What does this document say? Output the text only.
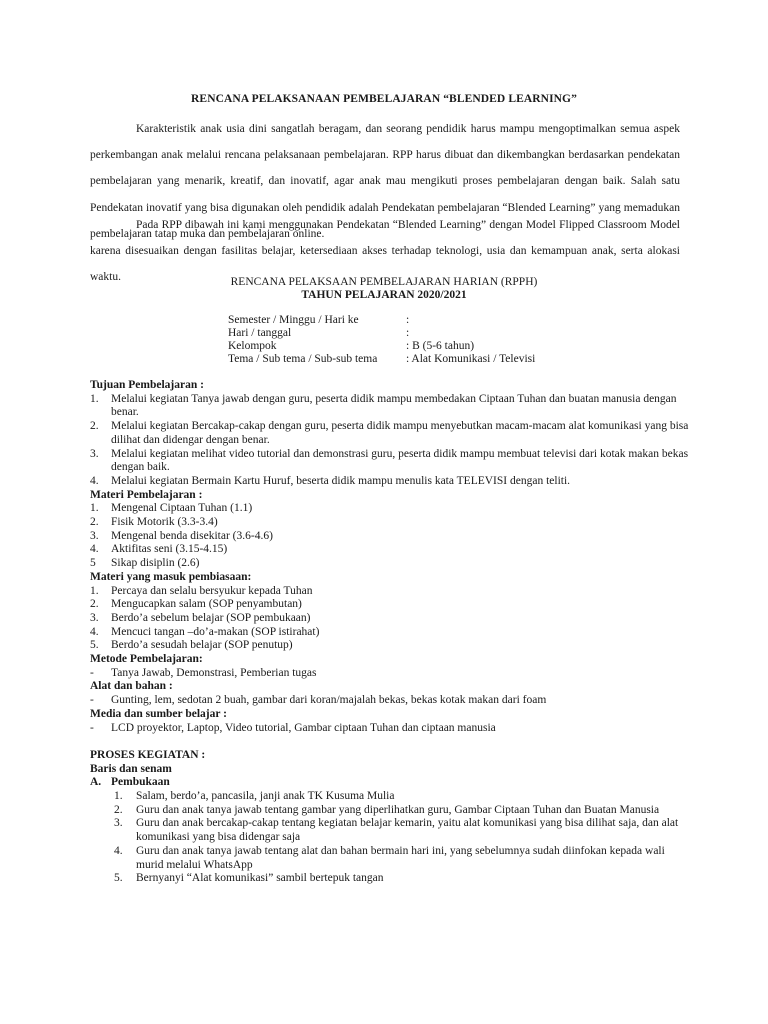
RENCANA PELAKSANAAN PEMBELAJARAN “BLENDED LEARNING”

Karakteristik anak usia dini sangatlah beragam, dan seorang pendidik harus mampu mengoptimalkan semua aspek perkembangan anak melalui rencana pelaksanaan pembelajaran. RPP harus dibuat dan dikembangkan berdasarkan pendekatan pembelajaran yang menarik, kreatif, dan inovatif, agar anak mau mengikuti proses pembelajaran dengan baik. Salah satu Pendekatan inovatif yang bisa digunakan oleh pendidik adalah Pendekatan pembelajaran “Blended Learning” yang memadukan pembelajaran tatap muka dan pembelajaran online.

Pada RPP dibawah ini kami menggunakan Pendekatan “Blended Learning” dengan Model Flipped Classroom Model karena disesuaikan dengan fasilitas belajar, ketersediaan akses terhadap teknologi, usia dan kemampuan anak, serta alokasi waktu.	RENCANA PELAKSAAN PEMBELAJARAN HARIAN (RPPH)
TAHUN PELAJARAN 2020/2021
Semester / Minggu / Hari ke	:
Hari / tanggal	:
Kelompok	: B (5-6 tahun)
Tema / Sub tema / Sub-sub tema	: Alat Komunikasi / Televisi
Tujuan Pembelajaran :
1. Melalui kegiatan Tanya jawab dengan guru, peserta didik mampu membedakan Ciptaan Tuhan dan buatan manusia dengan benar.
2. Melalui kegiatan Bercakap-cakap dengan guru, peserta didik mampu menyebutkan macam-macam alat komunikasi yang bisa dilihat dan didengar dengan benar.
3. Melalui kegiatan melihat video tutorial dan demonstrasi guru, peserta didik mampu membuat televisi dari kotak makan bekas dengan baik.
4. Melalui kegiatan Bermain Kartu Huruf, beserta didik mampu menulis kata TELEVISI dengan teliti.
Materi Pembelajaran :
1. Mengenal Ciptaan Tuhan (1.1)
2. Fisik Motorik (3.3-3.4)
3. Mengenal benda disekitar (3.6-4.6)
4. Aktifitas seni (3.15-4.15)
5 Sikap disiplin (2.6)
Materi yang masuk pembiasaan:
1. Percaya dan selalu bersyukur kepada Tuhan
2. Mengucapkan salam (SOP penyambutan)
3. Berdo’a sebelum belajar (SOP pembukaan)
4. Mencuci tangan –do’a-makan (SOP istirahat)
5. Berdo’a sesudah belajar (SOP penutup)
Metode Pembelajaran:
- Tanya Jawab, Demonstrasi, Pemberian tugas
Alat dan bahan :
- Gunting, lem, sedotan 2 buah, gambar dari koran/majalah bekas, bekas kotak makan dari foam
Media dan sumber belajar :
- LCD proyektor, Laptop, Video tutorial, Gambar ciptaan Tuhan dan ciptaan manusia
PROSES KEGIATAN :
Baris dan senam
A. Pembukaan
1. Salam, berdo’a, pancasila, janji anak TK Kusuma Mulia
2. Guru dan anak tanya jawab tentang gambar yang diperlihatkan guru, Gambar Ciptaan Tuhan dan Buatan Manusia
3. Guru dan anak bercakap-cakap tentang kegiatan belajar kemarin, yaitu alat komunikasi yang bisa dilihat saja, dan alat komunikasi yang bisa didengar saja
4. Guru dan anak tanya jawab tentang alat dan bahan bermain hari ini, yang sebelumnya sudah diinfokan kepada wali murid melalui WhatsApp
5. Bernyanyi “Alat komunikasi” sambil bertepuk tangan
